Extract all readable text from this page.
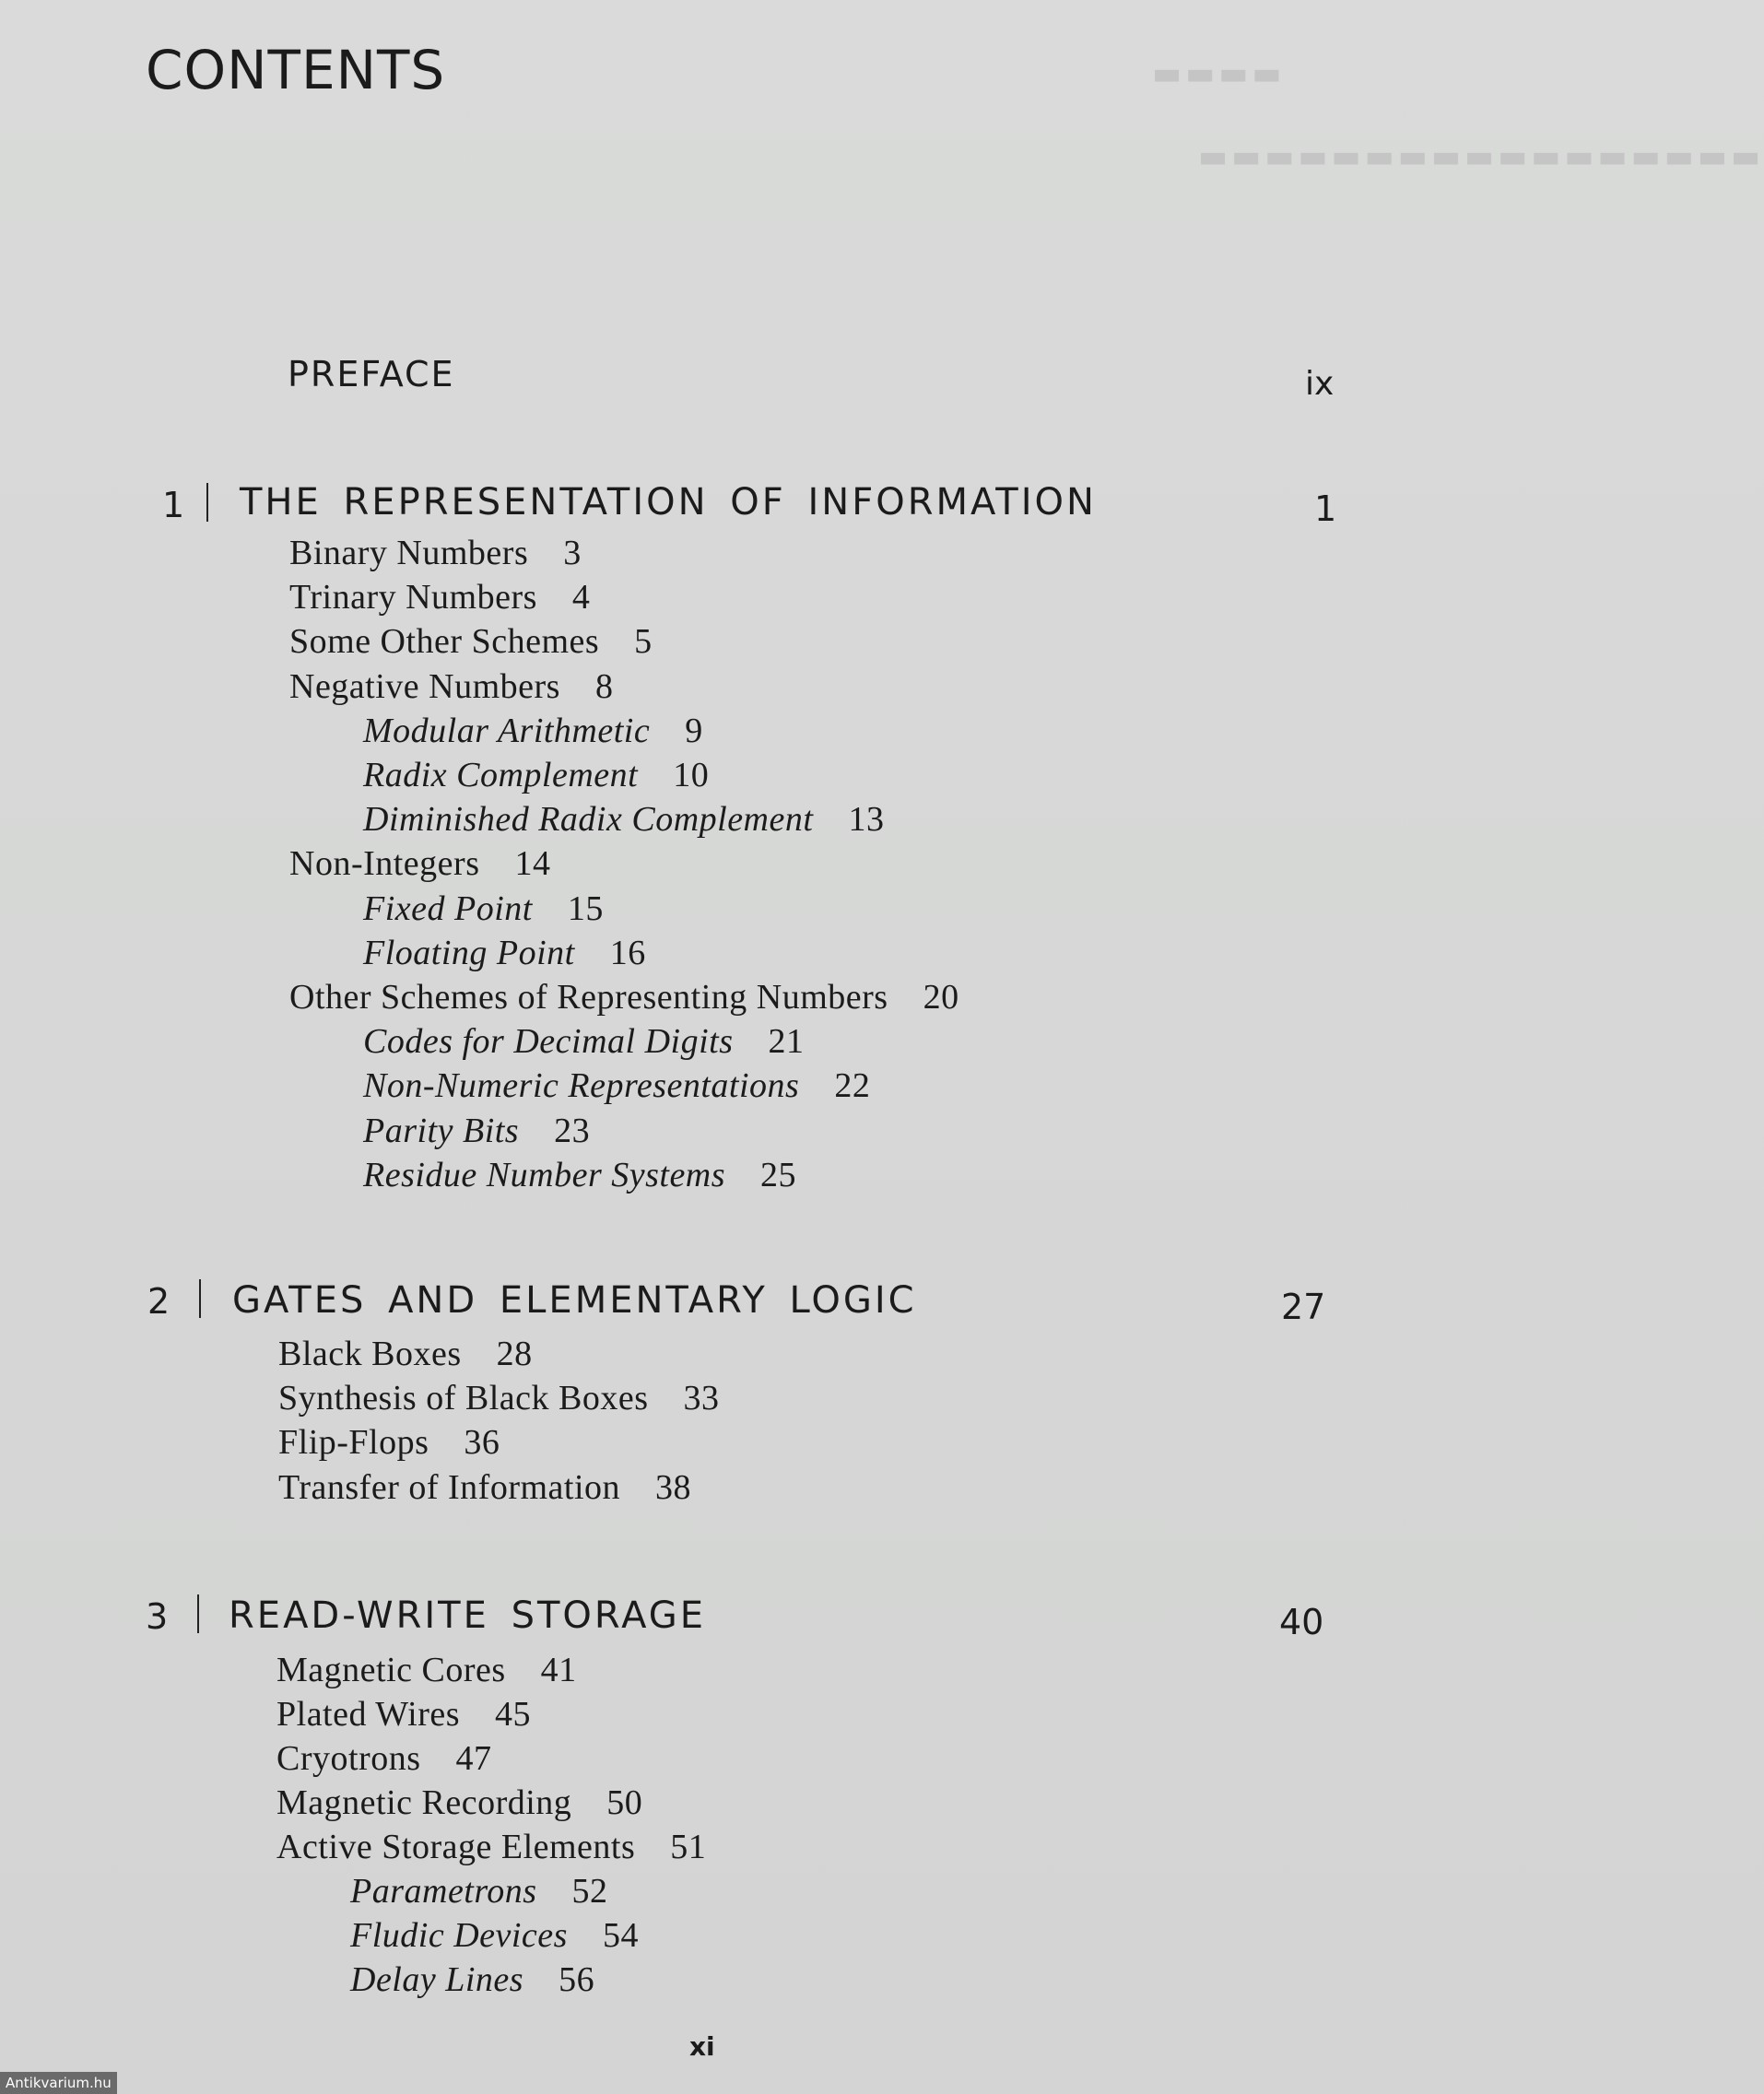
▬▬▬▬
▬▬▬▬▬▬▬▬▬▬▬▬▬▬▬▬▬
CONTENTS
PREFACE	ix
1 THE REPRESENTATION OF INFORMATION	1
Binary Numbers 3
Trinary Numbers 4
Some Other Schemes 5
Negative Numbers 8
Modular Arithmetic 9
Radix Complement 10
Diminished Radix Complement 13
Non-Integers 14
Fixed Point 15
Floating Point 16
Other Schemes of Representing Numbers 20
Codes for Decimal Digits 21
Non-Numeric Representations 22
Parity Bits 23
Residue Number Systems 25
2 GATES AND ELEMENTARY LOGIC	27
Black Boxes 28
Synthesis of Black Boxes 33
Flip-Flops 36
Transfer of Information 38
3 READ-WRITE STORAGE	40
Magnetic Cores 41
Plated Wires 45
Cryotrons 47
Magnetic Recording 50
Active Storage Elements 51
Parametrons 52
Fludic Devices 54
Delay Lines 56
xi
Antikvarium.hu
